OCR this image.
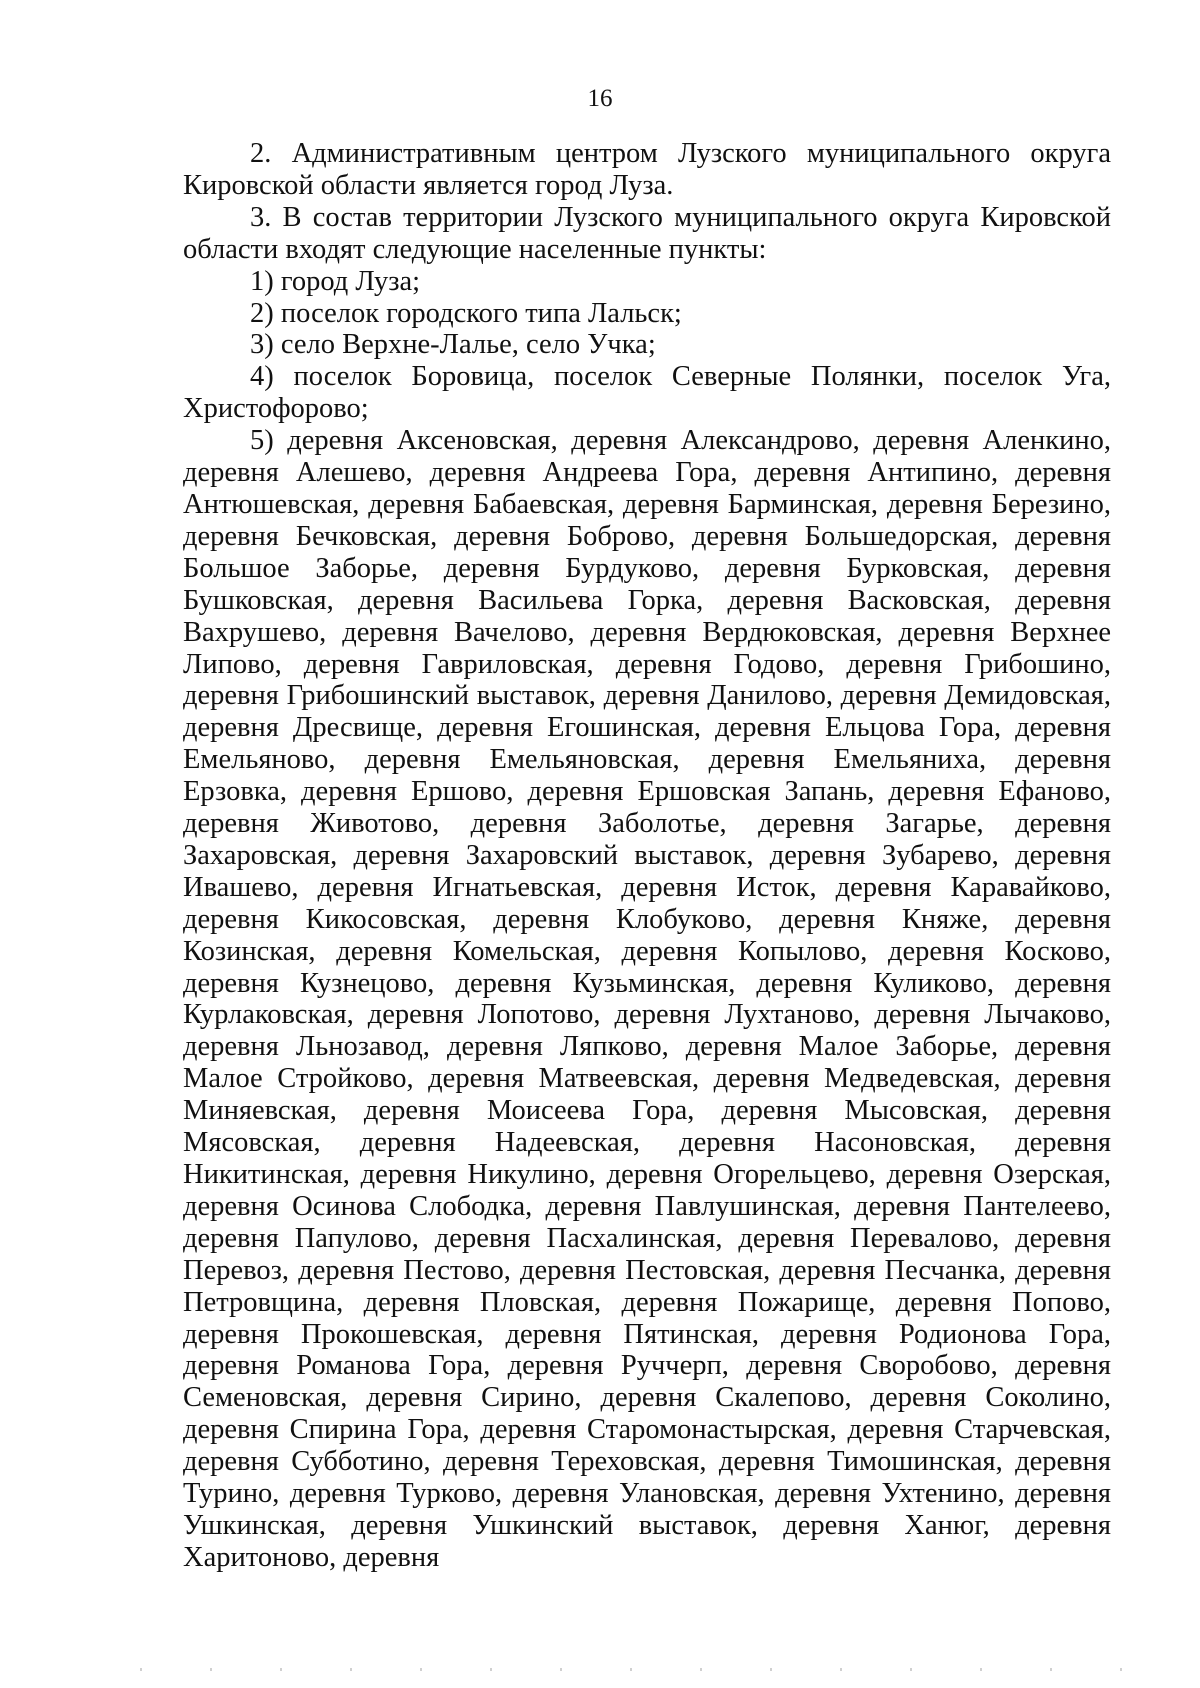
16

2. Административным центром Лузского муниципального округа Кировской области является город Луза.

3. В состав территории Лузского муниципального округа Кировской области входят следующие населенные пункты:

1) город Луза;

2) поселок городского типа Лальск;

3) село Верхне-Лалье, село Учка;

4) поселок Боровица, поселок Северные Полянки, поселок Уга, Христофорово;

5) деревня Аксеновская, деревня Александрово, деревня Аленкино, деревня Алешево, деревня Андреева Гора, деревня Антипино, деревня Антюшевская, деревня Бабаевская, деревня Барминская, деревня Березино, деревня Бечковская, деревня Боброво, деревня Большедорская, деревня Большое Заборье, деревня Бурдуково, деревня Бурковская, деревня Бушковская, деревня Васильева Горка, деревня Васковская, деревня Вахрушево, деревня Вачелово, деревня Вердюковская, деревня Верхнее Липово, деревня Гавриловская, деревня Годово, деревня Грибошино, деревня Грибошинский выставок, деревня Данилово, деревня Демидовская, деревня Дресвище, деревня Егошинская, деревня Ельцова Гора, деревня Емельяново, деревня Емельяновская, деревня Емельяниха, деревня Ерзовка, деревня Ершово, деревня Ершовская Запань, деревня Ефаново, деревня Животово, деревня Заболотье, деревня Загарье, деревня Захаровская, деревня Захаровский выставок, деревня Зубарево, деревня Ивашево, деревня Игнатьевская, деревня Исток, деревня Каравайково, деревня Кикосовская, деревня Клобуково, деревня Княже, деревня Козинская, деревня Комельская, деревня Копылово, деревня Косково, деревня Кузнецово, деревня Кузьминская, деревня Куликово, деревня Курлаковская, деревня Лопотово, деревня Лухтаново, деревня Лычаково, деревня Льнозавод, деревня Ляпково, деревня Малое Заборье, деревня Малое Стройково, деревня Матвеевская, деревня Медведевская, деревня Миняевская, деревня Моисеева Гора, деревня Мысовская, деревня Мясовская, деревня Надеевская, деревня Насоновская, деревня Никитинская, деревня Никулино, деревня Огорельцево, деревня Озерская, деревня Осинова Слободка, деревня Павлушинская, деревня Пантелеево, деревня Папулово, деревня Пасхалинская, деревня Перевалово, деревня Перевоз, деревня Пестово, деревня Пестовская, деревня Песчанка, деревня Петровщина, деревня Пловская, деревня Пожарище, деревня Попово, деревня Прокошевская, деревня Пятинская, деревня Родионова Гора, деревня Романова Гора, деревня Руччерп, деревня Своробово, деревня Семеновская, деревня Сирино, деревня Скалепово, деревня Соколино, деревня Спирина Гора, деревня Старомонастырская, деревня Старчевская, деревня Субботино, деревня Тереховская, деревня Тимошинская, деревня Турино, деревня Турково, деревня Улановская, деревня Ухтенино, деревня Ушкинская, деревня Ушкинский выставок, деревня Ханюг, деревня Харитоново, деревня
